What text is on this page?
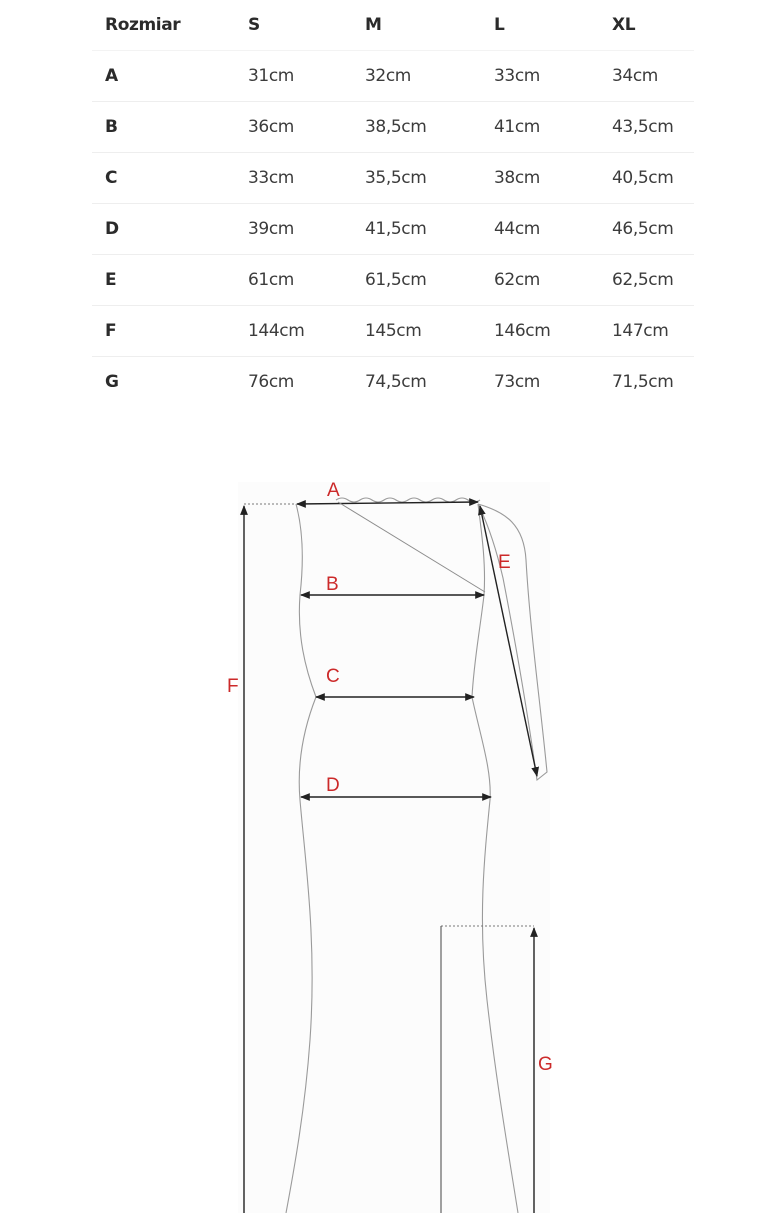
Rozmiar	S	M	L	XL
A	31cm	32cm	33cm	34cm
B	36cm	38,5cm	41cm	43,5cm
C	33cm	35,5cm	38cm	40,5cm
D	39cm	41,5cm	44cm	46,5cm
E	61cm	61,5cm	62cm	62,5cm
F	144cm	145cm	146cm	147cm
G	76cm	74,5cm	73cm	71,5cm
A
B
C
D
E
F
G
